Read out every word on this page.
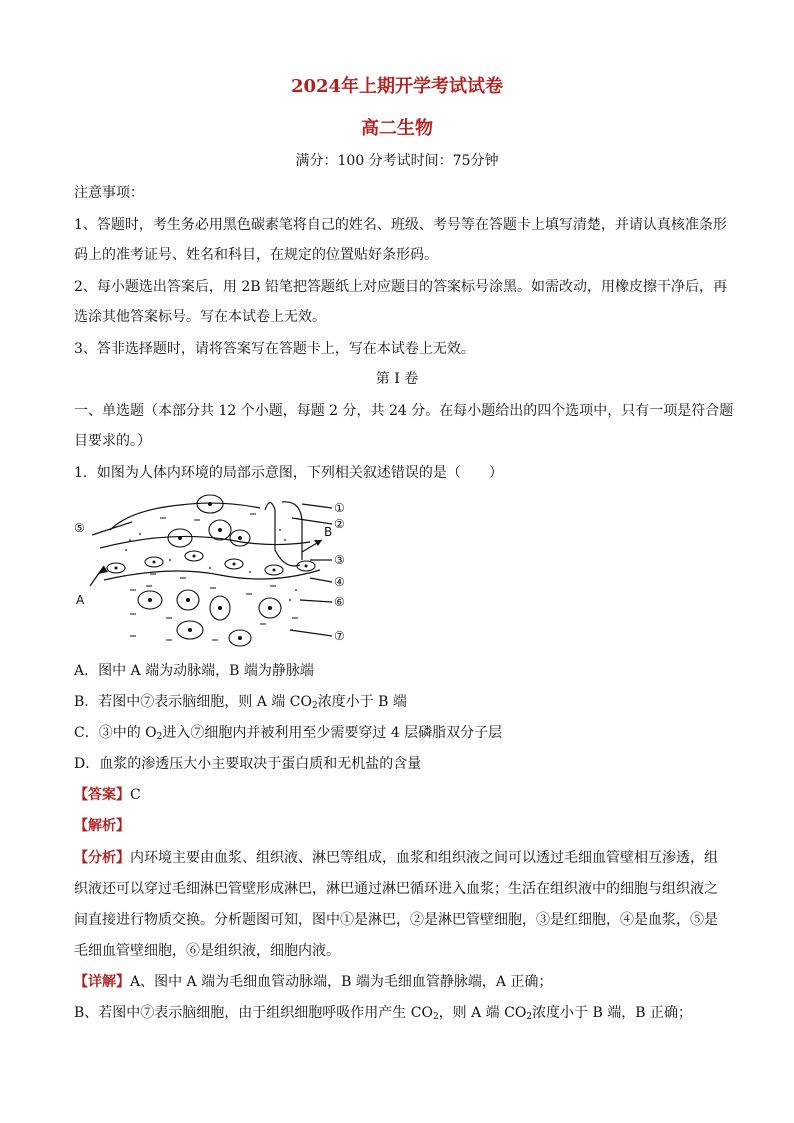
2024年上期开学考试试卷
高二生物
满分：100 分考试时间：75分钟
注意事项：
1、答题时，考生务必用黑色碳素笔将自己的姓名、班级、考号等在答题卡上填写清楚，并请认真核准条形
码上的准考证号、姓名和科目，在规定的位置贴好条形码。
2、每小题选出答案后，用 2B 铅笔把答题纸上对应题目的答案标号涂黑。如需改动，用橡皮擦干净后，再
选涂其他答案标号。写在本试卷上无效。
3、答非选择题时，请将答案写在答题卡上，写在本试卷上无效。
第 I 卷
一、单选题（本部分共 12 个小题，每题 2 分，共 24 分。在每小题给出的四个选项中，只有一项是符合题
目要求的。）
1．如图为人体内环境的局部示意图，下列相关叙述错误的是（　　）
①
②
③
④
⑥
⑦
⑤
A
B
A．图中 A 端为动脉端，B 端为静脉端
B．若图中⑦表示脑细胞，则 A 端 $CO_2$浓度小于 B 端
C．③中的 $O_2$进入⑦细胞内并被利用至少需要穿过 4 层磷脂双分子层
D．血浆的渗透压大小主要取决于蛋白质和无机盐的含量
【答案】C
【解析】
【分析】内环境主要由血浆、组织液、淋巴等组成，血浆和组织液之间可以透过毛细血管壁相互渗透，组
织液还可以穿过毛细淋巴管壁形成淋巴，淋巴通过淋巴循环进入血浆；生活在组织液中的细胞与组织液之
间直接进行物质交换。分析题图可知，图中①是淋巴，②是淋巴管壁细胞，③是红细胞，④是血浆，⑤是
毛细血管壁细胞，⑥是组织液，细胞内液。
【详解】A、图中 A 端为毛细血管动脉端，B 端为毛细血管静脉端，A 正确；
B、若图中⑦表示脑细胞，由于组织细胞呼吸作用产生 $CO_2$，则 A 端 $CO_2$浓度小于 B 端，B 正确；
